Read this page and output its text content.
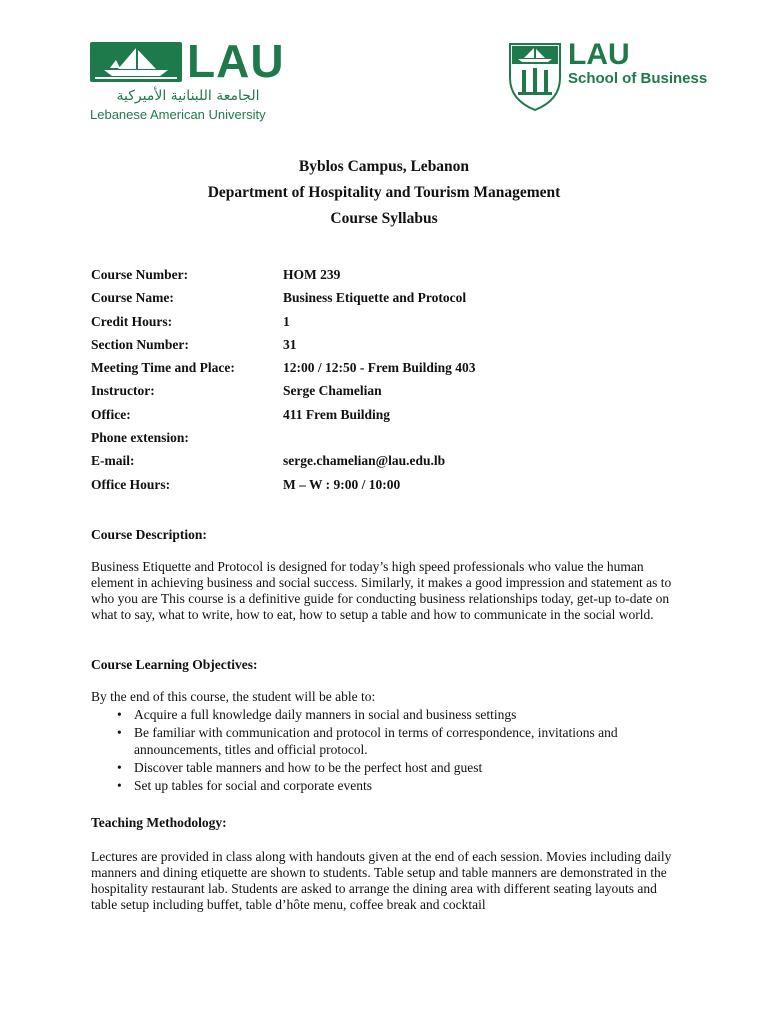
LAU
الجامعة اللبنانية الأميركية
Lebanese American University
LAU
School of Business
Byblos Campus, Lebanon
Department of Hospitality and Tourism Management
Course Syllabus
Course Number:	HOM 239
Course Name:	Business Etiquette and Protocol
Credit Hours:	1
Section Number:	31
Meeting Time and Place:	12:00 / 12:50 - Frem Building 403
Instructor:	Serge Chamelian
Office:	411 Frem Building
Phone extension:
E-mail:	serge.chamelian@lau.edu.lb
Office Hours:	M – W : 9:00 / 10:00
Course Description:
Business Etiquette and Protocol is designed for today’s high speed professionals who value the human element in achieving business and social success. Similarly, it makes a good impression and statement as to who you are This course is a definitive guide for conducting business relationships today, get-up to-date on what to say, what to write, how to eat, how to setup a table and how to communicate in the social world.
Course Learning Objectives:
By the end of this course, the student will be able to:
• Acquire a full knowledge daily manners in social and business settings
• Be familiar with communication and protocol in terms of correspondence, invitations and announcements, titles and official protocol.
• Discover table manners and how to be the perfect host and guest
• Set up tables for social and corporate events
Teaching Methodology:
Lectures are provided in class along with handouts given at the end of each session. Movies including daily manners and dining etiquette are shown to students. Table setup and table manners are demonstrated in the hospitality restaurant lab. Students are asked to arrange the dining area with different seating layouts and table setup including buffet, table d’hôte menu, coffee break and cocktail
